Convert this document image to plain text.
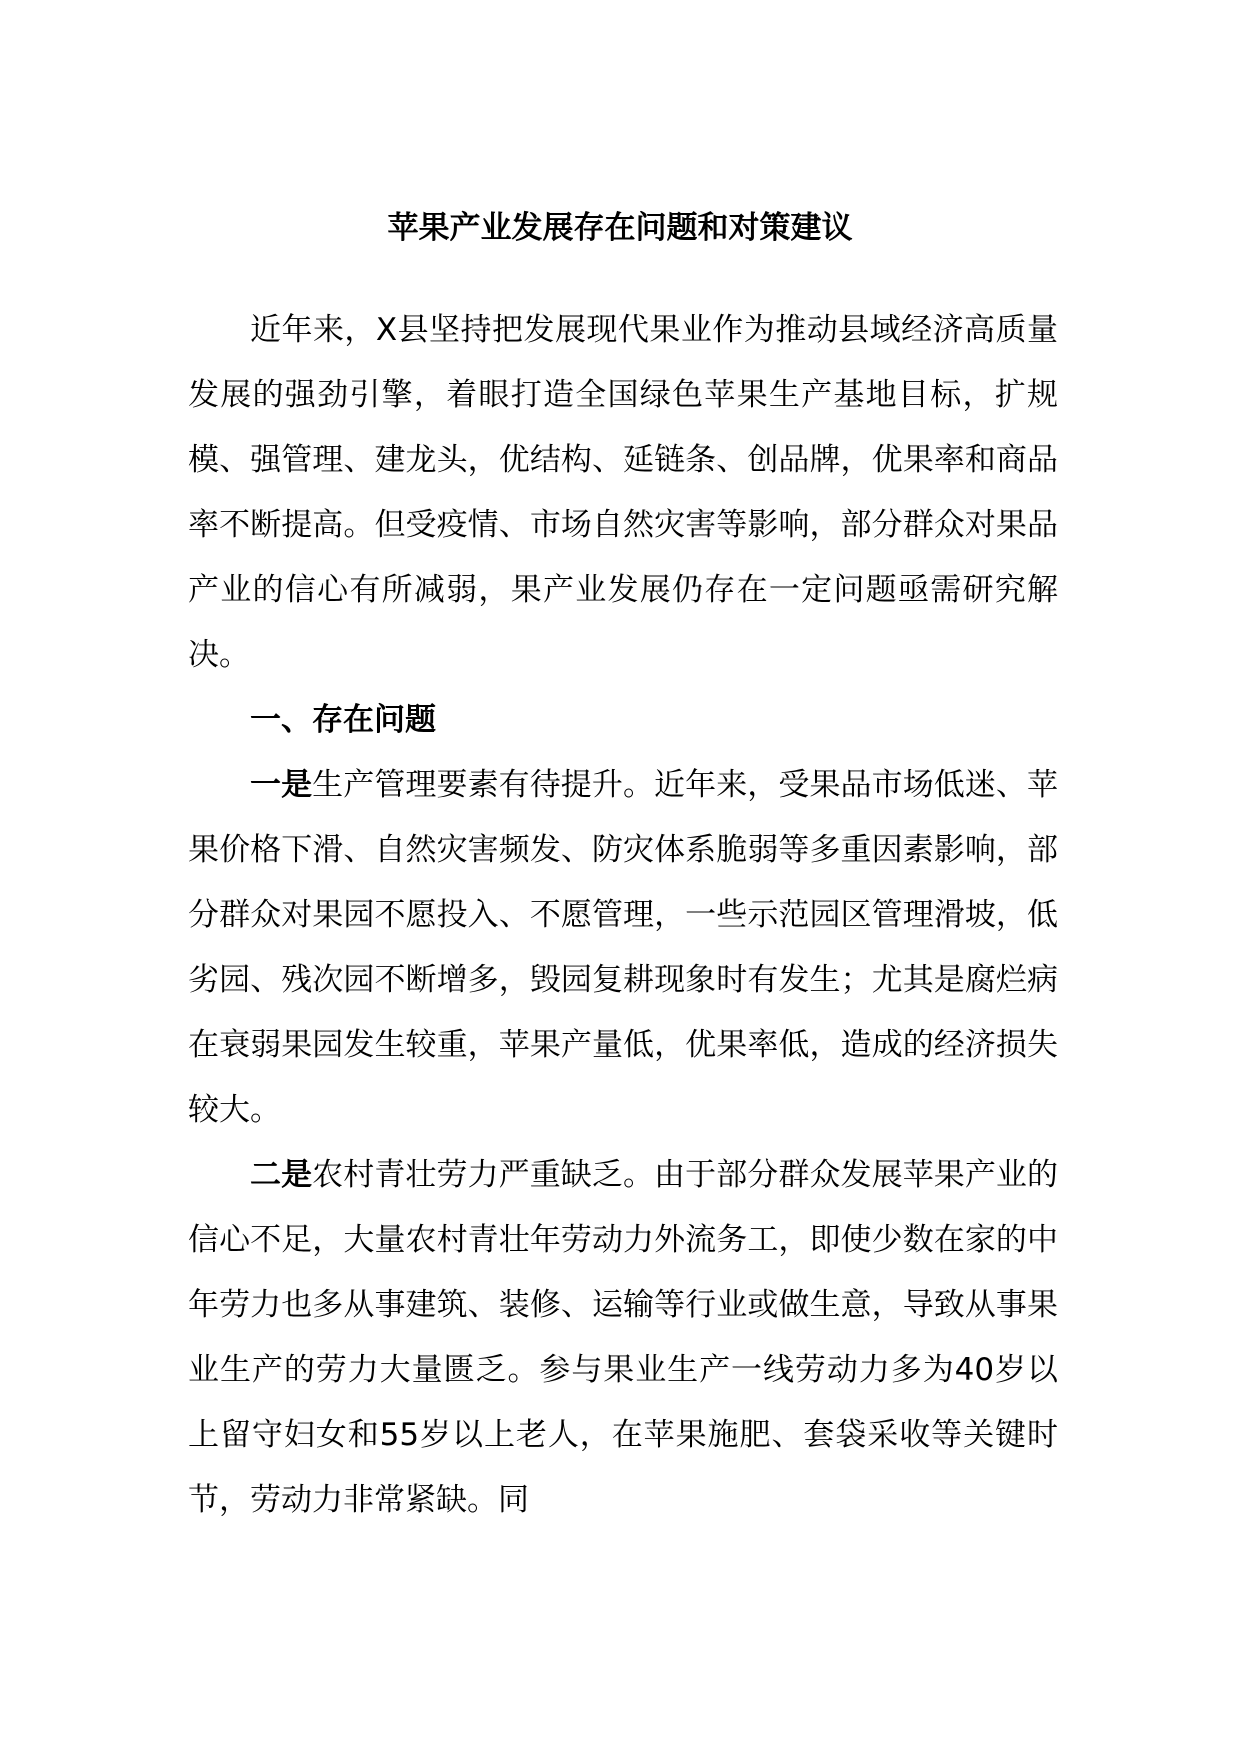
苹果产业发展存在问题和对策建议

近年来，X县坚持把发展现代果业作为推动县域经济高质量发展的强劲引擎，着眼打造全国绿色苹果生产基地目标，扩规模、强管理、建龙头，优结构、延链条、创品牌，优果率和商品率不断提高。但受疫情、市场自然灾害等影响，部分群众对果品产业的信心有所减弱，果产业发展仍存在一定问题亟需研究解决。

一、存在问题

一是生产管理要素有待提升。近年来，受果品市场低迷、苹果价格下滑、自然灾害频发、防灾体系脆弱等多重因素影响，部分群众对果园不愿投入、不愿管理，一些示范园区管理滑坡，低劣园、残次园不断增多，毁园复耕现象时有发生；尤其是腐烂病在衰弱果园发生较重，苹果产量低，优果率低，造成的经济损失较大。

二是农村青壮劳力严重缺乏。由于部分群众发展苹果产业的信心不足，大量农村青壮年劳动力外流务工，即使少数在家的中年劳力也多从事建筑、装修、运输等行业或做生意，导致从事果业生产的劳力大量匮乏。参与果业生产一线劳动力多为40岁以上留守妇女和55岁以上老人，在苹果施肥、套袋采收等关键时节，劳动力非常紧缺。同
